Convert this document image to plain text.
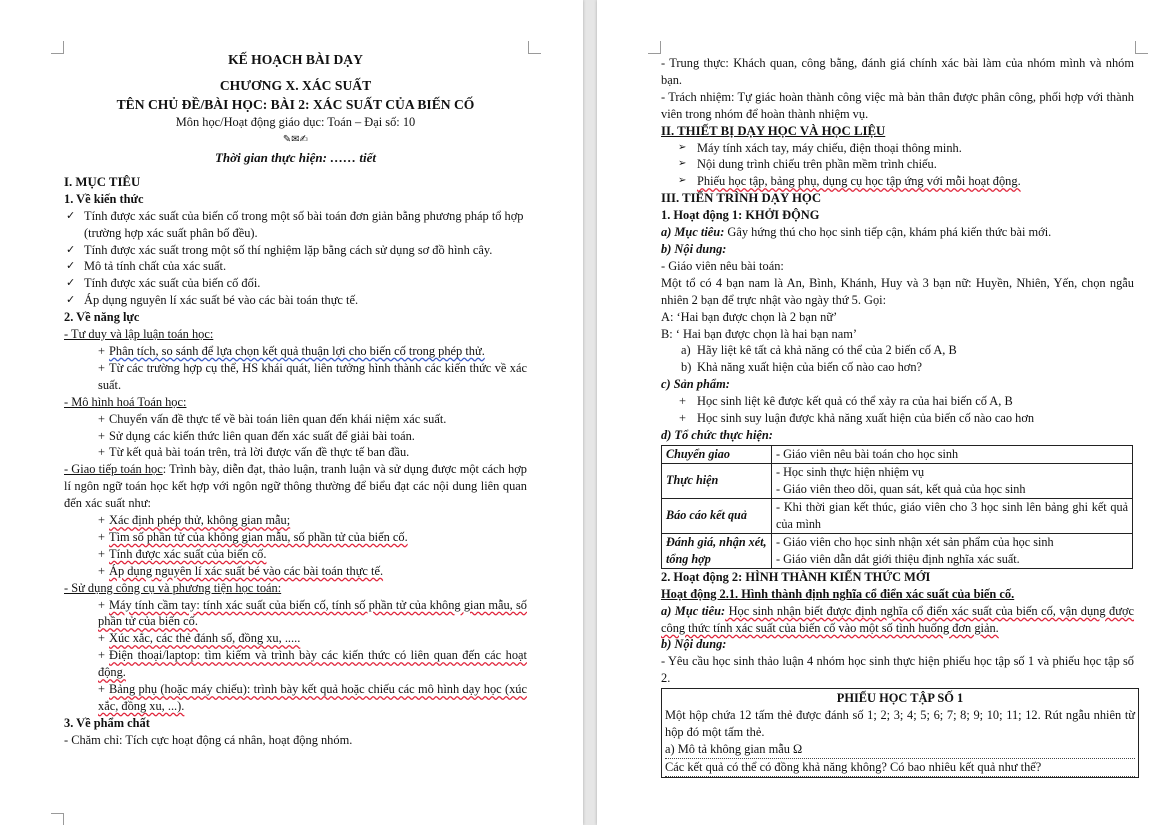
KẾ HOẠCH BÀI DẠY

CHƯƠNG X. XÁC SUẤT

TÊN CHỦ ĐỀ/BÀI HỌC: BÀI 2: XÁC SUẤT CỦA BIẾN CỐ

Môn học/Hoạt động giáo dục: Toán – Đại số: 10

✎✉✍

Thời gian thực hiện: …… tiết

I. MỤC TIÊU

1. Về kiến thức

✓ Tính được xác suất của biến cố trong một số bài toán đơn giản bằng phương pháp tổ hợp (trường hợp xác suất phân bố đều).
✓ Tính được xác suất trong một số thí nghiệm lặp bằng cách sử dụng sơ đồ hình cây.
✓ Mô tả tính chất của xác suất.
✓ Tính được xác suất của biến cố đối.
✓ Áp dụng nguyên lí xác suất bé vào các bài toán thực tế.

2. Về năng lực

- Tư duy và lập luận toán học:

+ Phân tích, so sánh để lựa chọn kết quả thuận lợi cho biến cố trong phép thử.

+ Từ các trường hợp cụ thể, HS khái quát, liên tưởng hình thành các kiến thức về xác suất.

- Mô hình hoá Toán học:

+ Chuyển vấn đề thực tế về bài toán liên quan đến khái niệm xác suất.

+ Sử dụng các kiến thức liên quan đến xác suất để giải bài toán.

+ Từ kết quả bài toán trên, trả lời được vấn đề thực tế ban đầu.

- Giao tiếp toán học: Trình bày, diễn đạt, thảo luận, tranh luận và sử dụng được một cách hợp lí ngôn ngữ toán học kết hợp với ngôn ngữ thông thường để biểu đạt các nội dung liên quan đến xác suất như:

+ Xác định phép thử, không gian mẫu;

+ Tìm số phần tử của không gian mẫu, số phần tử của biến cố.

+ Tính được xác suất của biến cố.

+ Áp dụng nguyên lí xác suất bé vào các bài toán thực tế.

- Sử dụng công cụ và phương tiện học toán:

+ Máy tính cầm tay: tính xác suất của biến cố, tính số phần tử của không gian mẫu, số phần tử của biến cố.

+ Xúc xắc, các thẻ đánh số, đồng xu, .....

+ Điện thoại/laptop: tìm kiếm và trình bày các kiến thức có liên quan đến các hoạt động.

+ Bảng phụ (hoặc máy chiếu): trình bày kết quả hoặc chiếu các mô hình dạy học (xúc xắc, đồng xu, ...).

3. Về phẩm chất

- Chăm chỉ: Tích cực hoạt động cá nhân, hoạt động nhóm.

- Trung thực: Khách quan, công bằng, đánh giá chính xác bài làm của nhóm mình và nhóm bạn.

- Trách nhiệm: Tự giác hoàn thành công việc mà bản thân được phân công, phối hợp với thành viên trong nhóm để hoàn thành nhiệm vụ.

II. THIẾT BỊ DẠY HỌC VÀ HỌC LIỆU

➢ Máy tính xách tay, máy chiếu, điện thoại thông minh.

➢ Nội dung trình chiếu trên phần mềm trình chiếu.

➢ Phiếu học tập, bảng phụ, dụng cụ học tập ứng với mỗi hoạt động.

III. TIẾN TRÌNH DẠY HỌC

1. Hoạt động 1: KHỞI ĐỘNG

a) Mục tiêu: Gây hứng thú cho học sinh tiếp cận, khám phá kiến thức bài mới.

b) Nội dung:

- Giáo viên nêu bài toán:

Một tổ có 4 bạn nam là An, Bình, Khánh, Huy và 3 bạn nữ: Huyền, Nhiên, Yến, chọn ngẫu nhiên 2 bạn để trực nhật vào ngày thứ 5. Gọi:

A: ‘Hai bạn được chọn là 2 bạn nữ’

B: ‘ Hai bạn được chọn là hai bạn nam’

a) Hãy liệt kê tất cả khả năng có thể của 2 biến cố A, B

b) Khả năng xuất hiện của biến cố nào cao hơn?

c) Sản phẩm:

+ Học sinh liệt kê được kết quả có thể xảy ra của hai biến cố A, B

+ Học sinh suy luận được khả năng xuất hiện của biến cố nào cao hơn

d) Tổ chức thực hiện:

Chuyển giao	- Giáo viên nêu bài toán cho học sinh

Thực hiện	- Học sinh thực hiện nhiệm vụ
- Giáo viên theo dõi, quan sát, kết quả của học sinh

Báo cáo kết quả	- Khi thời gian kết thúc, giáo viên cho 3 học sinh lên bảng ghi kết quả của mình

Đánh giá, nhận xét, tổng hợp	- Giáo viên cho học sinh nhận xét sản phẩm của học sinh
- Giáo viên dẫn dắt giới thiệu định nghĩa xác suất.

2. Hoạt động 2: HÌNH THÀNH KIẾN THỨC MỚI

Hoạt động 2.1. Hình thành định nghĩa cổ điển xác suất của biến cố.

a) Mục tiêu: Học sinh nhận biết được định nghĩa cổ điển xác suất của biến cố, vận dụng được công thức tính xác suất của biến cố vào một số tình huống đơn giản.

b) Nội dung:

- Yêu cầu học sinh thảo luận 4 nhóm học sinh thực hiện phiếu học tập số 1 và phiếu học tập số 2.

PHIẾU HỌC TẬP SỐ 1
Một hộp chứa 12 tấm thẻ được đánh số 1; 2; 3; 4; 5; 6; 7; 8; 9; 10; 11; 12. Rút ngẫu nhiên từ hộp đó một tấm thẻ.
a) Mô tả không gian mẫu Ω
Các kết quả có thể có đồng khả năng không? Có bao nhiêu kết quả như thế?
